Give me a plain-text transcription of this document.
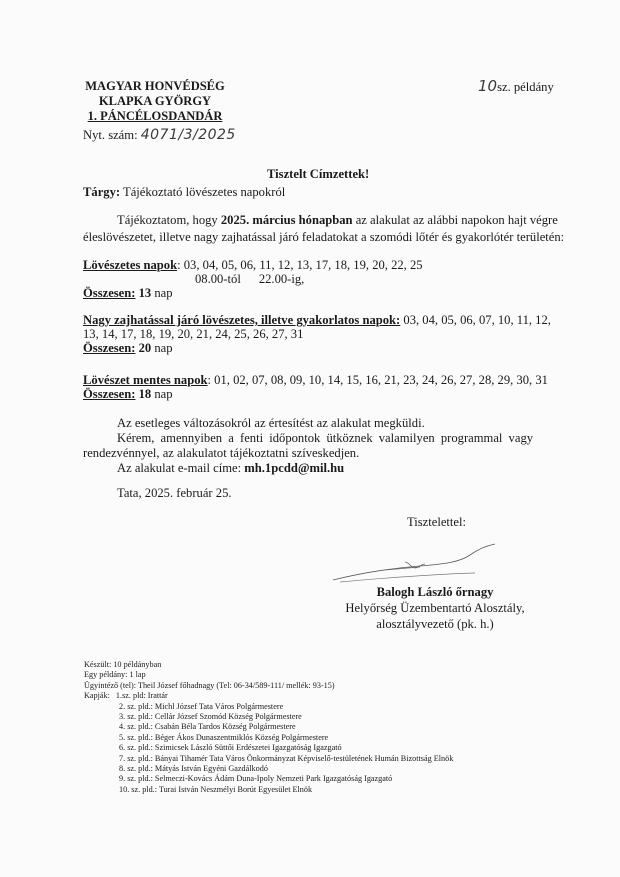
MAGYAR HONVÉDSÉG
KLAPKA GYÖRGY
1. PÁNCÉLOSDANDÁR
10sz. példány
Nyt. szám: 4071/3/2025
Tisztelt Címzettek!
Tárgy: Tájékoztató lövészetes napokról
Tájékoztatom, hogy 2025. március hónapban az alakulat az alábbi napokon hajt végre
éleslövészetet, illetve nagy zajhatással járó feladatokat a szomódi lőtér és gyakorlótér területén:
Lövészetes napok: 03, 04, 05, 06, 11, 12, 13, 17, 18, 19, 20, 22, 25
08.00-tól 22.00-ig,
Összesen: 13 nap
Nagy zajhatással járó lövészetes, illetve gyakorlatos napok: 03, 04, 05, 06, 07, 10, 11, 12,
13, 14, 17, 18, 19, 20, 21, 24, 25, 26, 27, 31
Összesen: 20 nap
Lövészet mentes napok: 01, 02, 07, 08, 09, 10, 14, 15, 16, 21, 23, 24, 26, 27, 28, 29, 30, 31
Összesen: 18 nap
Az esetleges változásokról az értesítést az alakulat megküldi.
Kérem, amennyiben a fenti időpontok ütköznek valamilyen programmal vagy
rendezvénnyel, az alakulatot tájékoztatni szíveskedjen.
Az alakulat e-mail címe: mh.1pcdd@mil.hu
Tata, 2025. február 25.
Tisztelettel:
Balogh László őrnagy
Helyőrség Üzembentartó Alosztály,
alosztályvezető (pk. h.)
Készült: 10 példányban
Egy példány: 1 lap
Ügyintéző (tel): Theil József főhadnagy (Tel: 06-34/589-111/ mellék: 93-15)
Kapják: 1.sz. pld: Irattár
2. sz. pld.: Michl József Tata Város Polgármestere
3. sz. pld.: Cellár József Szomód Község Polgármestere
4. sz. pld.: Csabán Béla Tardos Község Polgármestere
5. sz. pld.: Béger Ákos Dunaszentmiklós Község Polgármestere
6. sz. pld.: Szimicsek László Süttői Erdészetei Igazgatóság Igazgató
7. sz. pld.: Bányai Tihamér Tata Város Önkormányzat Képviselő-testületének Humán Bizottság Elnök
8. sz. pld.: Mátyás István Egyéni Gazdálkodó
9. sz. pld.: Selmeczi-Kovács Ádám Duna-Ipoly Nemzeti Park Igazgatóság Igazgató
10. sz. pld.: Turai István Neszmélyi Borút Egyesület Elnök
